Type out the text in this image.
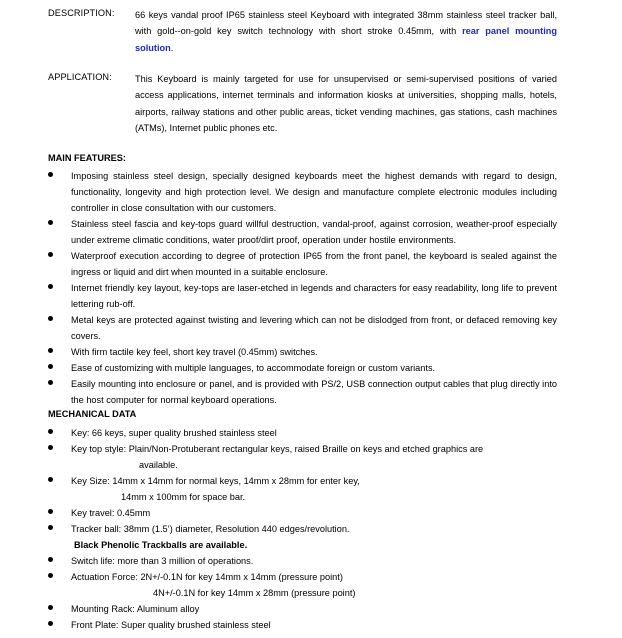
DESCRIPTION: 66 keys vandal proof IP65 stainless steel Keyboard with integrated 38mm stainless steel tracker ball, with gold--on-gold key switch technology with short stroke 0.45mm, with rear panel mounting solution.
APPLICATION:	This Keyboard is mainly targeted for use for unsupervised or semi-supervised positions of varied access applications, internet terminals and information kiosks at universities, shopping malls, hotels, airports, railway stations and other public areas, ticket vending machines, gas stations, cash machines (ATMs), Internet public phones etc.
MAIN FEATURES:
Imposing stainless steel design, specially designed keyboards meet the highest demands with regard to design, functionality, longevity and high protection level. We design and manufacture complete electronic modules including controller in close consultation with our customers.
Stainless steel fascia and key-tops guard willful destruction, vandal-proof, against corrosion, weather-proof especially under extreme climatic conditions, water proof/dirt proof, operation under hostile environments.
Waterproof execution according to degree of protection IP65 from the front panel, the keyboard is sealed against the ingress or liquid and dirt when mounted in a suitable enclosure.
Internet friendly key layout, key-tops are laser-etched in legends and characters for easy readability, long life to prevent lettering rub-off.
Metal keys are protected against twisting and levering which can not be dislodged from front, or defaced removing key covers.
With firm tactile key feel, short key travel (0.45mm) switches.
Ease of customizing with multiple languages, to accommodate foreign or custom variants.
Easily mounting into enclosure or panel, and is provided with PS/2, USB connection output cables that plug directly into the host computer for normal keyboard operations.
MECHANICAL DATA
Key: 66 keys, super quality brushed stainless steel
Key top style: Plain/Non-Protuberant rectangular keys, raised Braille on keys and etched graphics are
available.
Key Size: 14mm x 14mm for normal keys, 14mm x 28mm for enter key,
14mm x 100mm for space bar.
Key travel: 0.45mm
Tracker ball: 38mm (1.5’) diameter, Resolution 440 edges/revolution.
Black Phenolic Trackballs are available.
Switch life: more than 3 million of operations.
Actuation Force: 2N+/-0.1N for key 14mm x 14mm (pressure point)
4N+/-0.1N for key 14mm x 28mm (pressure point)
Mounting Rack: Aluminum alloy
Front Plate: Super quality brushed stainless steel
